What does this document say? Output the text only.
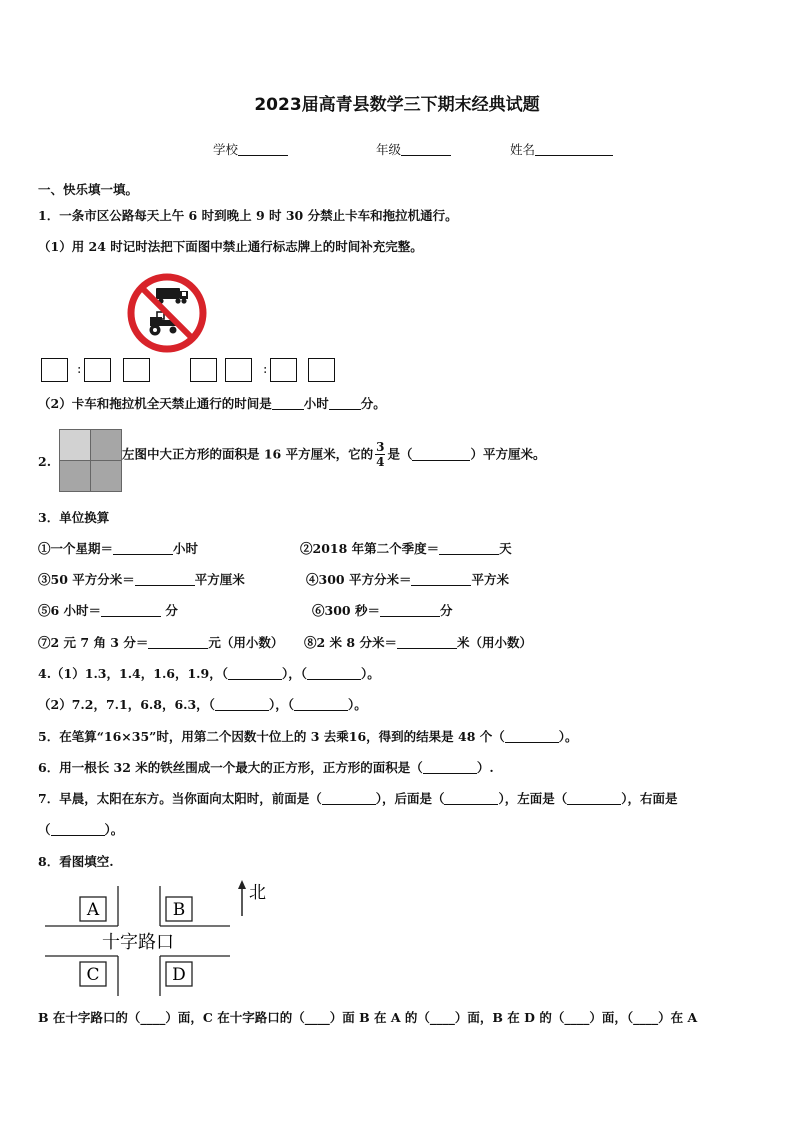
2023届高青县数学三下期末经典试题
学校	年级	姓名
一、快乐填一填。
1．一条市区公路每天上午 6 时到晚上 9 时 30 分禁止卡车和拖拉机通行。
（1）用 24 时记时法把下面图中禁止通行标志牌上的时间补充完整。
:	:
（2）卡车和拖拉机全天禁止通行的时间是	小时	分。
2.	左图中大正方形的面积是 16 平方厘米，它的 $\frac{3}{4}$ 是（	）平方厘米。
3．单位换算
①一个星期＝	小时	②2018 年第二个季度＝	天
③50 平方分米＝	平方厘米	④300 平方分米＝	平方米
⑤6 小时＝	分	⑥300 秒＝	分
⑦2 元 7 角 3 分＝	元（用小数） ⑧2 米 8 分米＝	米（用小数）
4.（1）1.3，1.4，1.6，1.9，（	），（	）。
（2）7.2，7.1，6.8，6.3，（	），（	）。
5．在笔算“16×35”时，用第二个因数十位上的 3 去乘16，得到的结果是 48 个（	）。
6．用一根长 32 米的铁丝围成一个最大的正方形，正方形的面积是（	）.
7．早晨，太阳在东方。当你面向太阳时，前面是（	），后面是（	），左面是（	），右面是
（	）。
8．看图填空.
A	B
C	D
十字路口
北
B 在十字路口的（____）面，C 在十字路口的（____）面 B 在 A 的（____）面，B 在 D 的（____）面，（____）在 A
